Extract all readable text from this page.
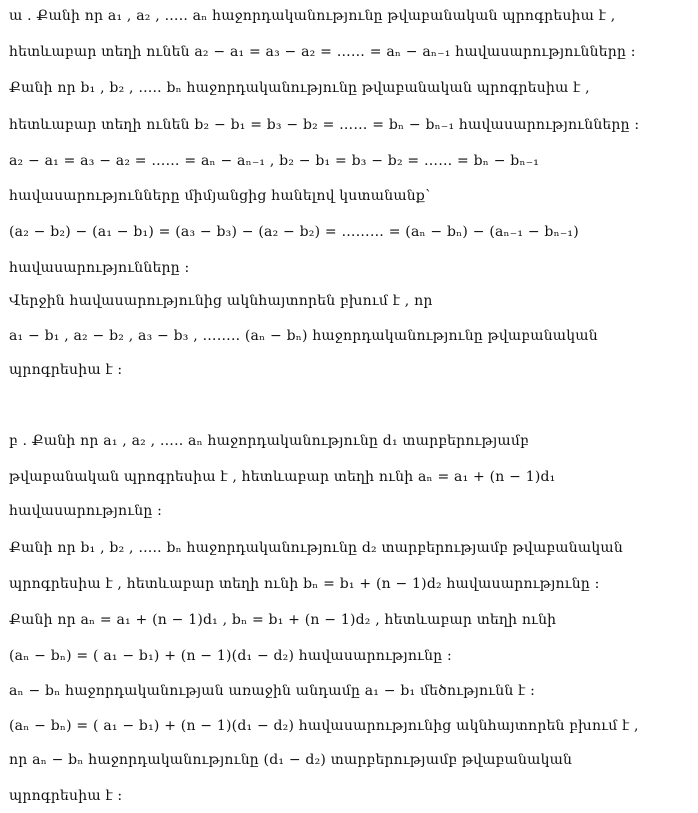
ա . Քանի որ a₁ , a₂ , ….. aₙ հաջորդականությունը թվաբանական պրոգրեսիա է ,
հետևաբար տեղի ունեն a₂ − a₁ = a₃ − a₂ = …… = aₙ − aₙ₋₁ հավասարությունները :
Քանի որ b₁ , b₂ , ….. bₙ հաջորդականությունը թվաբանական պրոգրեսիա է ,
հետևաբար տեղի ունեն b₂ − b₁ = b₃ − b₂ = …… = bₙ − bₙ₋₁ հավասարությունները :
a₂ − a₁ = a₃ − a₂ = …… = aₙ − aₙ₋₁ , b₂ − b₁ = b₃ − b₂ = …… = bₙ − bₙ₋₁
հավասարությունները միմյանցից հանելով կստանանք՝
(a₂ − b₂) − (a₁ − b₁) = (a₃ − b₃) − (a₂ − b₂) = ……… = (aₙ − bₙ) − (aₙ₋₁ − bₙ₋₁)
հավասարությունները :
Վերջին հավասարությունից ակնհայտորեն բխում է , որ
a₁ − b₁ , a₂ − b₂ , a₃ − b₃ , …….. (aₙ − bₙ) հաջորդականությունը թվաբանական
պրոգրեսիա է :
բ . Քանի որ a₁ , a₂ , ….. aₙ հաջորդականությունը d₁ տարբերությամբ
թվաբանական պրոգրեսիա է , հետևաբար տեղի ունի aₙ = a₁ + (n − 1)d₁
հավասարությունը :
Քանի որ b₁ , b₂ , ….. bₙ հաջորդականությունը d₂ տարբերությամբ թվաբանական
պրոգրեսիա է , հետևաբար տեղի ունի bₙ = b₁ + (n − 1)d₂ հավասարությունը :
Քանի որ aₙ = a₁ + (n − 1)d₁ , bₙ = b₁ + (n − 1)d₂ , հետևաբար տեղի ունի
(aₙ − bₙ) = ( a₁ − b₁) + (n − 1)(d₁ − d₂) հավասարությունը :
aₙ − bₙ հաջորդականության առաջին անդամը a₁ − b₁ մեծությունն է :
(aₙ − bₙ) = ( a₁ − b₁) + (n − 1)(d₁ − d₂) հավասարությունից ակնհայտորեն բխում է ,
որ aₙ − bₙ հաջորդականությունը (d₁ − d₂) տարբերությամբ թվաբանական
պրոգրեսիա է :
